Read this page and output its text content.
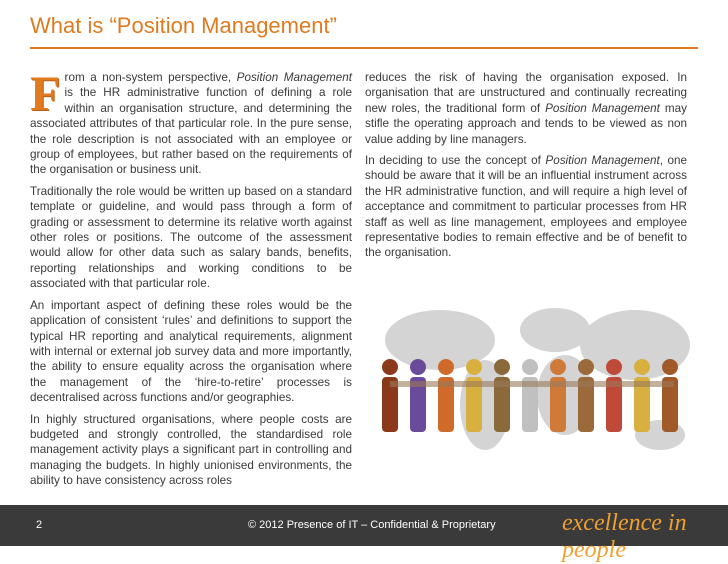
What is “Position Management”

From a non-system perspective, Position Management is the HR administrative function of defining a role within an organisation structure, and determining the associated attributes of that particular role. In the pure sense, the role description is not associated with an employee or group of employees, but rather based on the requirements of the organisation or business unit.

Traditionally the role would be written up based on a standard template or guideline, and would pass through a form of grading or assessment to determine its relative worth against other roles or positions. The outcome of the assessment would allow for other data such as salary bands, benefits, reporting relationships and working conditions to be associated with that particular role.

An important aspect of defining these roles would be the application of consistent ‘rules’ and definitions to support the typical HR reporting and analytical requirements, alignment with internal or external job survey data and more importantly, the ability to ensure equality across the organisation where the management of the ‘hire-to-retire’ processes is decentralised across functions and/or geographies.

In highly structured organisations, where people costs are budgeted and strongly controlled, the standardised role management activity plays a significant part in controlling and managing the budgets. In highly unionised environments, the ability to have consistency across roles

reduces the risk of having the organisation exposed. In organisation that are unstructured and continually recreating new roles, the traditional form of Position Management may stifle the operating approach and tends to be viewed as non value adding by line managers.

In deciding to use the concept of Position Management, one should be aware that it will be an influential instrument across the HR administrative function, and will require a high level of acceptance and commitment to particular processes from HR staff as well as line management, employees and employee representative bodies to remain effective and be of benefit to the organisation.

2	© 2012 Presence of IT – Confidential & Proprietary	excellence in people
